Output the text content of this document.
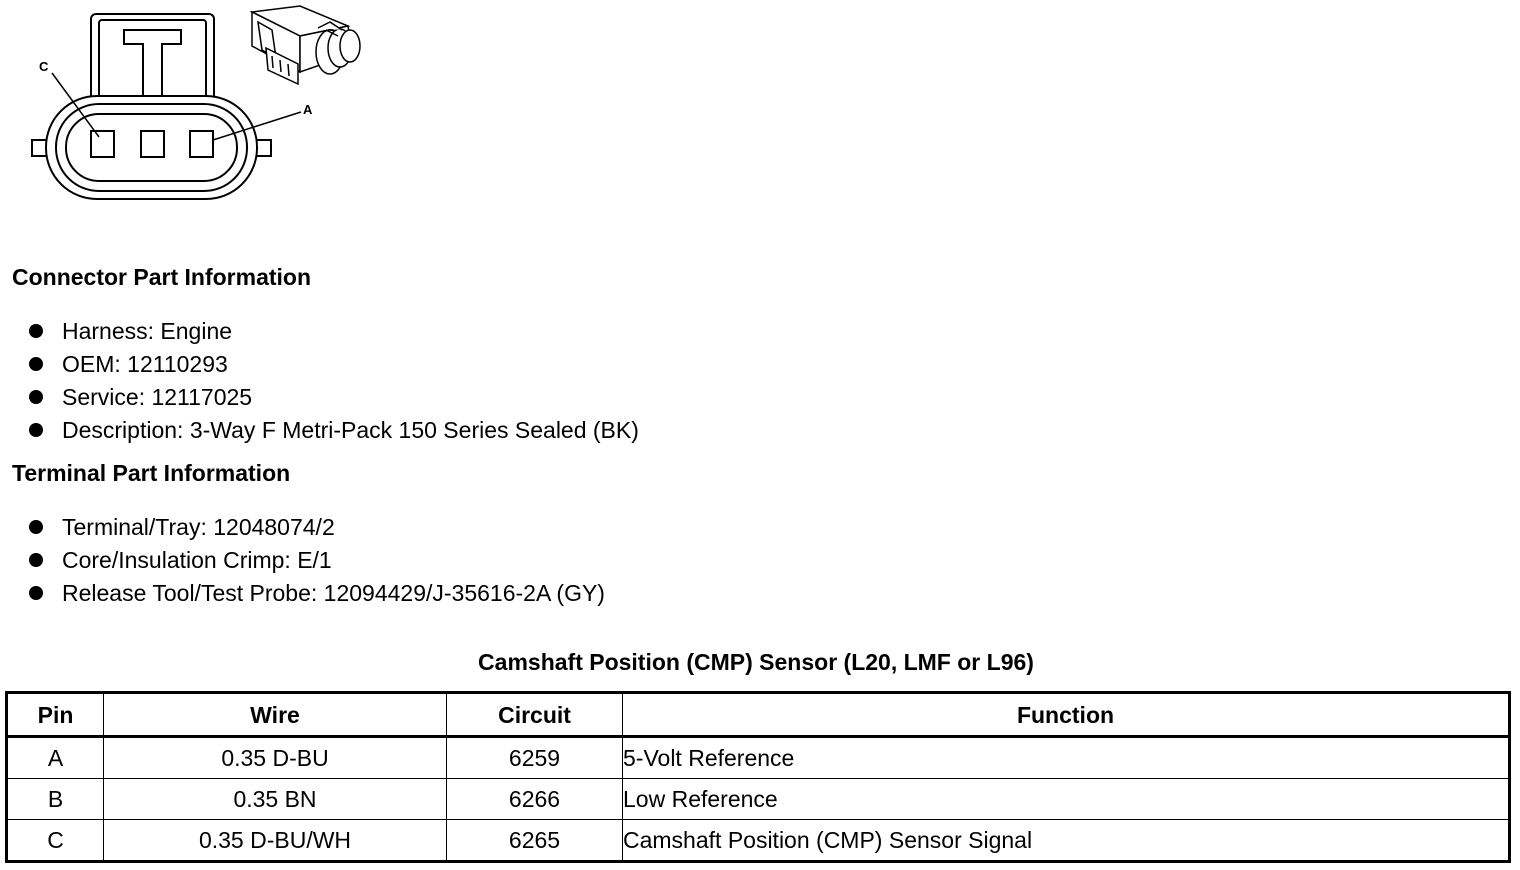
C
A
Connector Part Information
Harness: Engine
OEM: 12110293
Service: 12117025
Description: 3-Way F Metri-Pack 150 Series Sealed (BK)
Terminal Part Information
Terminal/Tray: 12048074/2
Core/Insulation Crimp: E/1
Release Tool/Test Probe: 12094429/J-35616-2A (GY)
Camshaft Position (CMP) Sensor (L20, LMF or L96)
Pin	Wire	Circuit	Function
A	0.35 D-BU	6259	5-Volt Reference
B	0.35 BN	6266	Low Reference
C	0.35 D-BU/WH	6265	Camshaft Position (CMP) Sensor Signal
